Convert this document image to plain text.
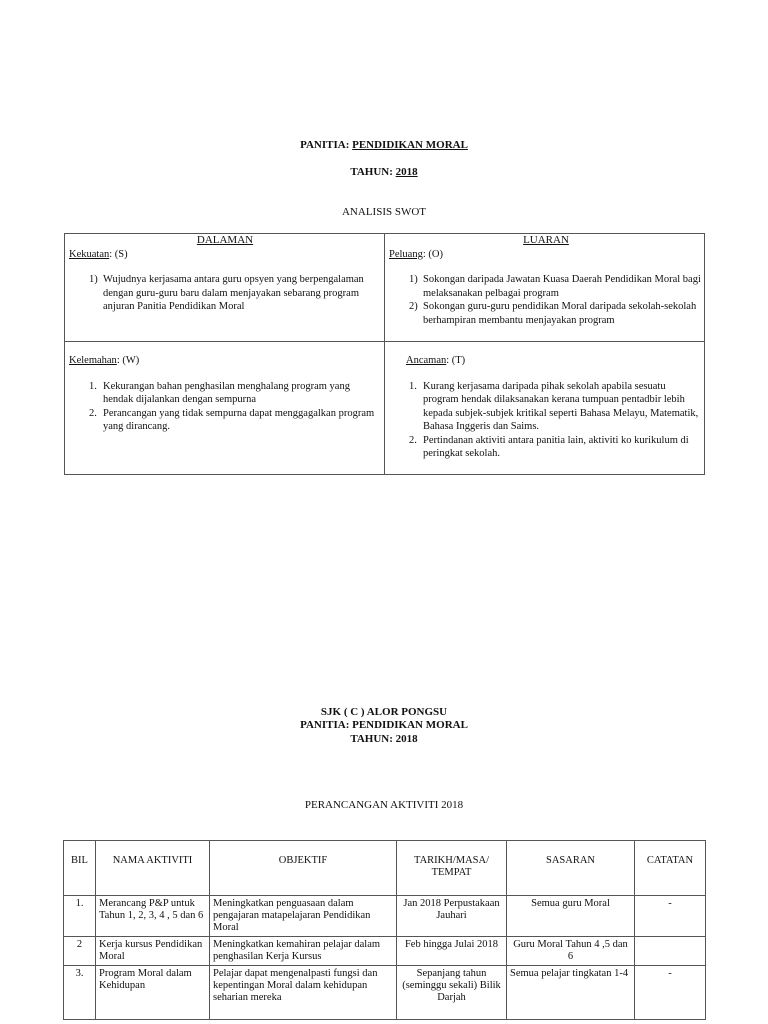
PANITIA: PENDIDIKAN MORAL
TAHUN: 2018
ANALISIS SWOT
DALAMAN
Kekuatan: (S)
1) Wujudnya kerjasama antara guru opsyen yang berpengalaman dengan guru-guru baru dalam menjayakan sebarang program anjuran Panitia Pendidikan Moral
LUARAN
Peluang: (O)
1) Sokongan daripada Jawatan Kuasa Daerah Pendidikan Moral bagi melaksanakan pelbagai program
2) Sokongan guru-guru pendidikan Moral daripada sekolah-sekolah berhampiran membantu menjayakan program
Kelemahan: (W)
1. Kekurangan bahan penghasilan menghalang program yang hendak dijalankan dengan sempurna
2. Perancangan yang tidak sempurna dapat menggagalkan program yang dirancang.
Ancaman: (T)
1. Kurang kerjasama daripada pihak sekolah apabila sesuatu program hendak dilaksanakan kerana tumpuan pentadbir lebih kepada subjek-subjek kritikal seperti Bahasa Melayu, Matematik, Bahasa Inggeris dan Saims.
2. Pertindanan aktiviti antara panitia lain, aktiviti ko kurikulum di peringkat sekolah.
SJK ( C ) ALOR PONGSU
PANITIA: PENDIDIKAN MORAL
TAHUN: 2018
PERANCANGAN AKTIVITI 2018
BIL	NAMA AKTIVITI	OBJEKTIF	TARIKH/MASA/ TEMPAT	SASARAN	CATATAN
1.	Merancang P&P untuk Tahun 1, 2, 3, 4 , 5 dan 6	Meningkatkan penguasaan dalam pengajaran matapelajaran Pendidikan Moral	Jan 2018 Perpustakaan Jauhari	Semua guru Moral	-
2	Kerja kursus Pendidikan Moral	Meningkatkan kemahiran pelajar dalam penghasilan Kerja Kursus	Feb hingga Julai 2018	Guru Moral Tahun 4 ,5 dan 6	
3.	Program Moral dalam Kehidupan	Pelajar dapat mengenalpasti fungsi dan kepentingan Moral dalam kehidupan seharian mereka	Sepanjang tahun (seminggu sekali) Bilik Darjah	Semua pelajar tingkatan 1-4	-
